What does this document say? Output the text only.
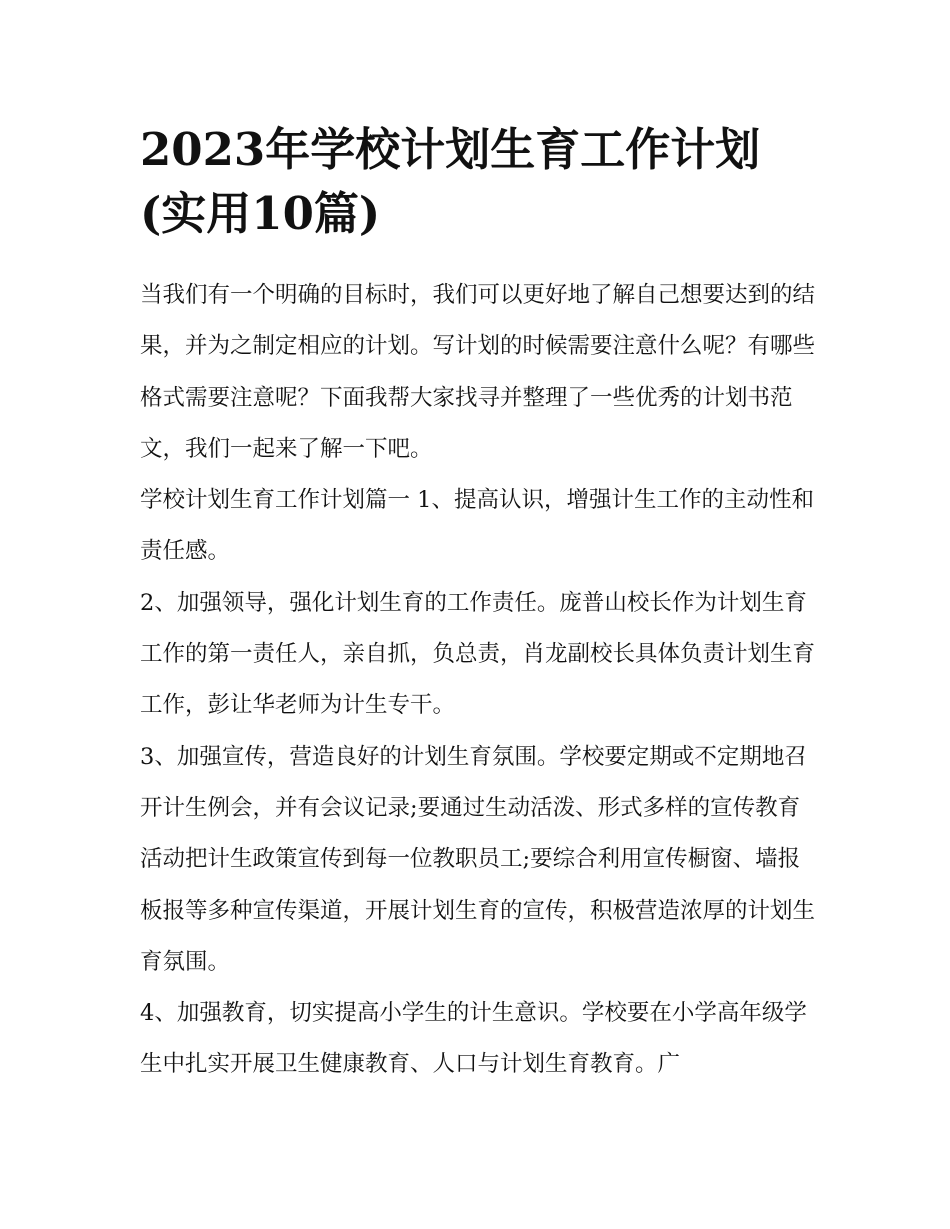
2023年学校计划生育工作计划(实用10篇)

当我们有一个明确的目标时，我们可以更好地了解自己想要达到的结果，并为之制定相应的计划。写计划的时候需要注意什么呢？有哪些格式需要注意呢？下面我帮大家找寻并整理了一些优秀的计划书范文，我们一起来了解一下吧。

学校计划生育工作计划篇一 1、提高认识，增强计生工作的主动性和责任感。

2、加强领导，强化计划生育的工作责任。庞普山校长作为计划生育工作的第一责任人，亲自抓，负总责，肖龙副校长具体负责计划生育工作，彭让华老师为计生专干。

3、加强宣传，营造良好的计划生育氛围。学校要定期或不定期地召开计生例会，并有会议记录;要通过生动活泼、形式多样的宣传教育活动把计生政策宣传到每一位教职员工;要综合利用宣传橱窗、墙报板报等多种宣传渠道，开展计划生育的宣传，积极营造浓厚的计划生育氛围。

4、加强教育，切实提高小学生的计生意识。学校要在小学高年级学生中扎实开展卫生健康教育、人口与计划生育教育。广
